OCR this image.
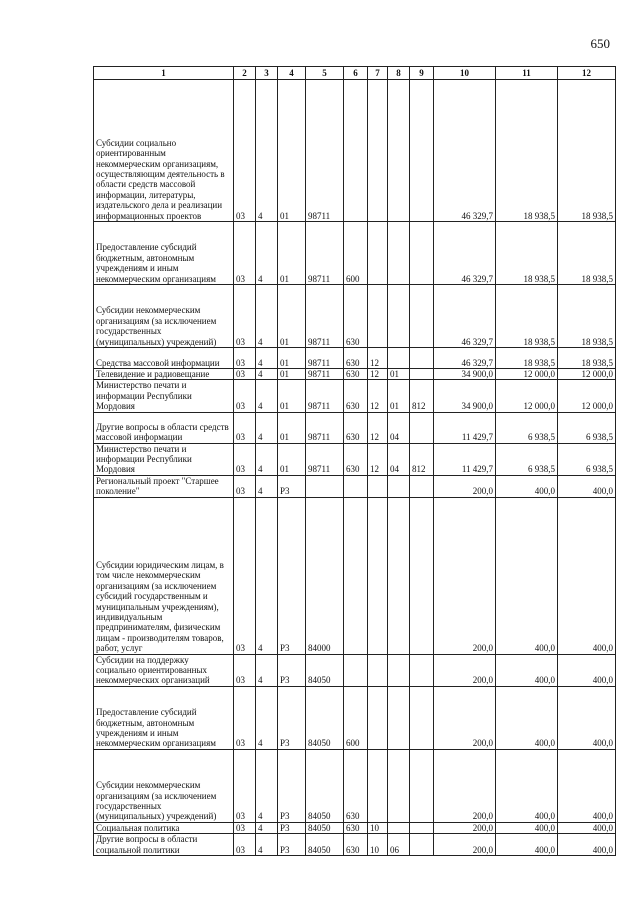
650
1	2	3	4	5	6	7	8	9	10	11	12
Субсидии социально ориентированным некоммерческим организациям, осуществляющим деятельность в области средств массовой информации, литературы, издательского дела и реализации информационных проектов	03	4	01	98711					46 329,7	18 938,5	18 938,5
Предоставление субсидий бюджетным, автономным учреждениям и иным некоммерческим организациям	03	4	01	98711	600				46 329,7	18 938,5	18 938,5
Субсидии некоммерческим организациям (за исключением государственных (муниципальных) учреждений)	03	4	01	98711	630				46 329,7	18 938,5	18 938,5
Средства массовой информации	03	4	01	98711	630	12			46 329,7	18 938,5	18 938,5
Телевидение и радиовещание	03	4	01	98711	630	12	01		34 900,0	12 000,0	12 000,0
Министерство печати и информации Республики Мордовия	03	4	01	98711	630	12	01	812	34 900,0	12 000,0	12 000,0
Другие вопросы в области средств массовой информации	03	4	01	98711	630	12	04		11 429,7	6 938,5	6 938,5
Министерство печати и информации Республики Мордовия	03	4	01	98711	630	12	04	812	11 429,7	6 938,5	6 938,5
Региональный проект "Старшее поколение"	03	4	Р3						200,0	400,0	400,0
Субсидии юридическим лицам, в том числе некоммерческим организациям (за исключением субсидий государственным и муниципальным учреждениям), индивидуальным предпринимателям, физическим лицам - производителям товаров, работ, услуг	03	4	Р3	84000					200,0	400,0	400,0
Субсидии на поддержку социально ориентированных некоммерческих организаций	03	4	Р3	84050					200,0	400,0	400,0
Предоставление субсидий бюджетным, автономным учреждениям и иным некоммерческим организациям	03	4	Р3	84050	600				200,0	400,0	400,0
Субсидии некоммерческим организациям (за исключением государственных (муниципальных) учреждений)	03	4	Р3	84050	630				200,0	400,0	400,0
Социальная политика	03	4	Р3	84050	630	10			200,0	400,0	400,0
Другие вопросы в области социальной политики	03	4	Р3	84050	630	10	06		200,0	400,0	400,0
